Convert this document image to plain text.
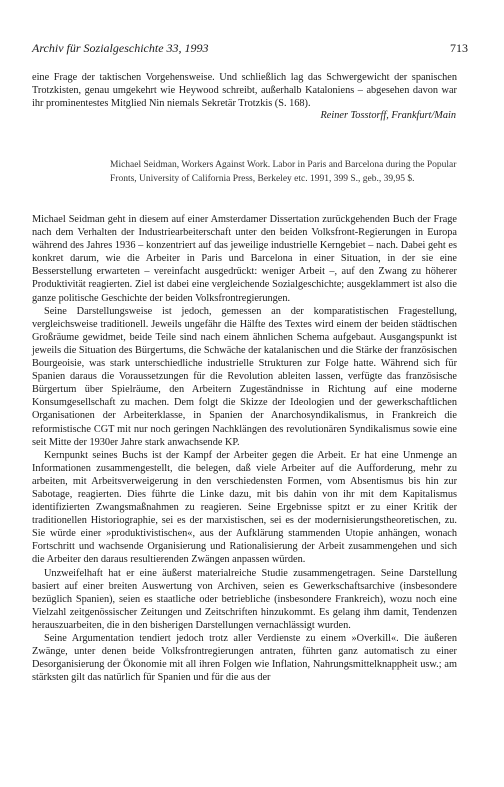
Archiv für Sozialgeschichte 33, 1993	713

eine Frage der taktischen Vorgehensweise. Und schließlich lag das Schwergewicht der spanischen Trotzkisten, genau umgekehrt wie Heywood schreibt, außerhalb Kataloniens – abgesehen davon war ihr prominentestes Mitglied Nin niemals Sekretär Trotzkis (S. 168).

Reiner Tosstorff, Frankfurt/Main
Michael Seidman, Workers Against Work. Labor in Paris and Barcelona during the Popular Fronts, University of California Press, Berkeley etc. 1991, 399 S., geb., 39,95 $.

Michael Seidman geht in diesem auf einer Amsterdamer Dissertation zurückgehenden Buch der Frage nach dem Verhalten der Industriearbeiterschaft unter den beiden Volksfront-Regierungen in Europa während des Jahres 1936 – konzentriert auf das jeweilige industrielle Kerngebiet – nach. Dabei geht es konkret darum, wie die Arbeiter in Paris und Barcelona in einer Situation, in der sie eine Besserstellung erwarteten – vereinfacht ausgedrückt: weniger Arbeit –, auf den Zwang zu höherer Produktivität reagierten. Ziel ist dabei eine vergleichende Sozialgeschichte; ausgeklammert ist also die ganze politische Geschichte der beiden Volksfrontregierungen.

Seine Darstellungsweise ist jedoch, gemessen an der komparatistischen Fragestellung, vergleichsweise traditionell. Jeweils ungefähr die Hälfte des Textes wird einem der beiden städtischen Großräume gewidmet, beide Teile sind nach einem ähnlichen Schema aufgebaut. Ausgangspunkt ist jeweils die Situation des Bürgertums, die Schwäche der katalanischen und die Stärke der französischen Bourgeoisie, was stark unterschiedliche industrielle Strukturen zur Folge hatte. Während sich für Spanien daraus die Voraussetzungen für die Revolution ableiten lassen, verfügte das französische Bürgertum über Spielräume, den Arbeitern Zugeständnisse in Richtung auf eine moderne Konsumgesellschaft zu machen. Dem folgt die Skizze der Ideologien und der gewerkschaftlichen Organisationen der Arbeiterklasse, in Spanien der Anarchosyndikalismus, in Frankreich die reformistische CGT mit nur noch geringen Nachklängen des revolutionären Syndikalismus sowie eine seit Mitte der 1930er Jahre stark anwachsende KP.

Kernpunkt seines Buchs ist der Kampf der Arbeiter gegen die Arbeit. Er hat eine Unmenge an Informationen zusammengestellt, die belegen, daß viele Arbeiter auf die Aufforderung, mehr zu arbeiten, mit Arbeitsverweigerung in den verschiedensten Formen, vom Absentismus bis hin zur Sabotage, reagierten. Dies führte die Linke dazu, mit bis dahin von ihr mit dem Kapitalismus identifizierten Zwangsmaßnahmen zu reagieren. Seine Ergebnisse spitzt er zu einer Kritik der traditionellen Historiographie, sei es der marxistischen, sei es der modernisierungstheoretischen, zu. Sie würde einer »produktivistischen«, aus der Aufklärung stammenden Utopie anhängen, wonach Fortschritt und wachsende Organisierung und Rationalisierung der Arbeit zusammengehen und sich die Arbeiter den daraus resultierenden Zwängen anpassen würden.

Unzweifelhaft hat er eine äußerst materialreiche Studie zusammengetragen. Seine Darstellung basiert auf einer breiten Auswertung von Archiven, seien es Gewerkschaftsarchive (insbesondere bezüglich Spanien), seien es staatliche oder betriebliche (insbesondere Frankreich), wozu noch eine Vielzahl zeitgenössischer Zeitungen und Zeitschriften hinzukommt. Es gelang ihm damit, Tendenzen herauszuarbeiten, die in den bisherigen Darstellungen vernachlässigt wurden.

Seine Argumentation tendiert jedoch trotz aller Verdienste zu einem »Overkill«. Die äußeren Zwänge, unter denen beide Volksfrontregierungen antraten, führten ganz automatisch zu einer Desorganisierung der Ökonomie mit all ihren Folgen wie Inflation, Nahrungsmittelknappheit usw.; am stärksten gilt das natürlich für Spanien und für die aus der
